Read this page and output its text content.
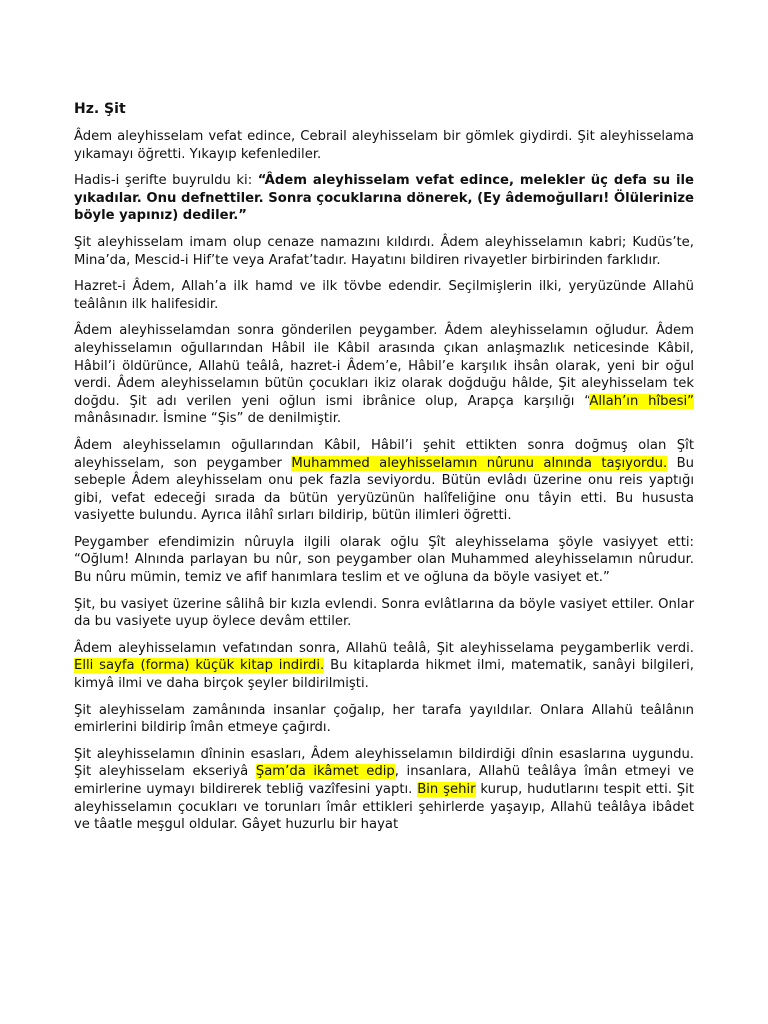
Hz. Şit

Âdem aleyhisselam vefat edince, Cebrail aleyhisselam bir gömlek giydirdi. Şit aleyhisselama yıkamayı öğretti. Yıkayıp kefenlediler.

Hadis-i şerifte buyruldu ki: “Âdem aleyhisselam vefat edince, melekler üç defa su ile yıkadılar. Onu defnettiler. Sonra çocuklarına dönerek, (Ey âdemoğulları! Ölülerinize böyle yapınız) dediler.”

Şit aleyhisselam imam olup cenaze namazını kıldırdı. Âdem aleyhisselamın kabri; Kudüs’te, Mina’da, Mescid-i Hif’te veya Arafat’tadır. Hayatını bildiren rivayetler birbirinden farklıdır.

Hazret-i Âdem, Allah’a ilk hamd ve ilk tövbe edendir. Seçilmişlerin ilki, yeryüzünde Allahü teâlânın ilk halifesidir.

Âdem aleyhisselamdan sonra gönderilen peygamber. Âdem aleyhisselamın oğludur. Âdem aleyhisselamın oğullarından Hâbil ile Kâbil arasında çıkan anlaşmazlık neticesinde Kâbil, Hâbil’i öldürünce, Allahü teâlâ, hazret-i Âdem’e, Hâbil’e karşılık ihsân olarak, yeni bir oğul verdi. Âdem aleyhisselamın bütün çocukları ikiz olarak doğduğu hâlde, Şit aleyhisselam tek doğdu. Şit adı verilen yeni oğlun ismi ibrânice olup, Arapça karşılığı “Allah’ın hîbesi” mânâsınadır. İsmine “Şis” de denilmiştir.

Âdem aleyhisselamın oğullarından Kâbil, Hâbil’i şehit ettikten sonra doğmuş olan Şît aleyhisselam, son peygamber Muhammed aleyhisselamın nûrunu alnında taşıyordu. Bu sebeple Âdem aleyhisselam onu pek fazla seviyordu. Bütün evlâdı üzerine onu reis yaptığı gibi, vefat edeceği sırada da bütün yeryüzünün halîfeliğine onu tâyin etti. Bu hususta vasiyette bulundu. Ayrıca ilâhî sırları bildirip, bütün ilimleri öğretti.

Peygamber efendimizin nûruyla ilgili olarak oğlu Şît aleyhisselama şöyle vasiyyet etti: “Oğlum! Alnında parlayan bu nûr, son peygamber olan Muhammed aleyhisselamın nûrudur. Bu nûru mümin, temiz ve afif hanımlara teslim et ve oğluna da böyle vasiyet et.”

Şit, bu vasiyet üzerine sâlihâ bir kızla evlendi. Sonra evlâtlarına da böyle vasiyet ettiler. Onlar da bu vasiyete uyup öylece devâm ettiler.

Âdem aleyhisselamın vefatından sonra, Allahü teâlâ, Şit aleyhisselama peygamberlik verdi. Elli sayfa (forma) küçük kitap indirdi. Bu kitaplarda hikmet ilmi, matematik, sanâyi bilgileri, kimyâ ilmi ve daha birçok şeyler bildirilmişti.

Şit aleyhisselam zamânında insanlar çoğalıp, her tarafa yayıldılar. Onlara Allahü teâlânın emirlerini bildirip îmân etmeye çağırdı.

Şit aleyhisselamın dîninin esasları, Âdem aleyhisselamın bildirdiği dînin esaslarına uygundu. Şit aleyhisselam ekseriyâ Şam’da ikâmet edip, insanlara, Allahü teâlâya îmân etmeyi ve emirlerine uymayı bildirerek tebliğ vazîfesini yaptı. Bin şehir kurup, hudutlarını tespit etti. Şit aleyhisselamın çocukları ve torunları îmâr ettikleri şehirlerde yaşayıp, Allahü teâlâya ibâdet ve tâatle meşgul oldular. Gâyet huzurlu bir hayat
